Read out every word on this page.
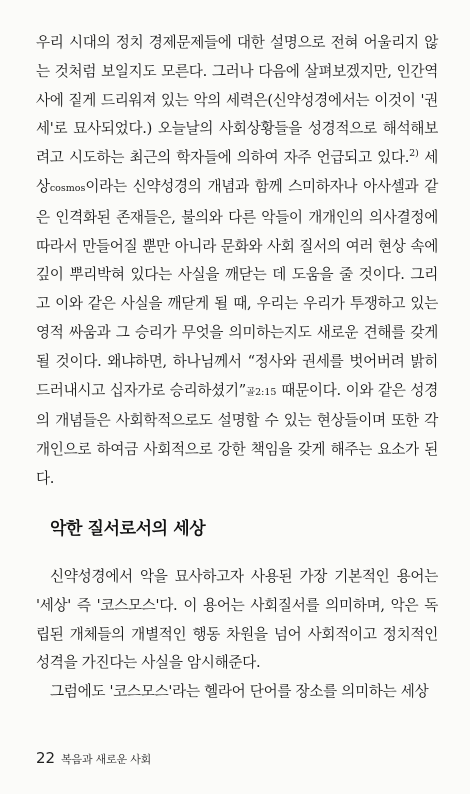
우리 시대의 정치 경제문제들에 대한 설명으로 전혀 어울리지 않는 것처럼 보일지도 모른다. 그러나 다음에 살펴보겠지만, 인간역사에 짙게 드리워져 있는 악의 세력은(신약성경에서는 이것이 '권세'로 묘사되었다.) 오늘날의 사회상황들을 성경적으로 해석해보려고 시도하는 최근의 학자들에 의하여 자주 언급되고 있다.$^{2)}$ 세상cosmos이라는 신약성경의 개념과 함께 스미하자나 아사셀과 같은 인격화된 존재들은, 불의와 다른 악들이 개개인의 의사결정에 따라서 만들어질 뿐만 아니라 문화와 사회 질서의 여러 현상 속에 깊이 뿌리박혀 있다는 사실을 깨닫는 데 도움을 줄 것이다. 그리고 이와 같은 사실을 깨닫게 될 때, 우리는 우리가 투쟁하고 있는 영적 싸움과 그 승리가 무엇을 의미하는지도 새로운 견해를 갖게 될 것이다. 왜냐하면, 하나님께서 “정사와 권세를 벗어버려 밝히 드러내시고 십자가로 승리하셨기”골2:15 때문이다. 이와 같은 성경의 개념들은 사회학적으로도 설명할 수 있는 현상들이며 또한 각 개인으로 하여금 사회적으로 강한 책임을 갖게 해주는 요소가 된다.

악한 질서로서의 세상

신약성경에서 악을 묘사하고자 사용된 가장 기본적인 용어는 '세상' 즉 '코스모스'다. 이 용어는 사회질서를 의미하며, 악은 독립된 개체들의 개별적인 행동 차원을 넘어 사회적이고 정치적인 성격을 가진다는 사실을 암시해준다.

그럼에도 '코스모스'라는 헬라어 단어를 장소를 의미하는 세상

22 복음과 새로운 사회
